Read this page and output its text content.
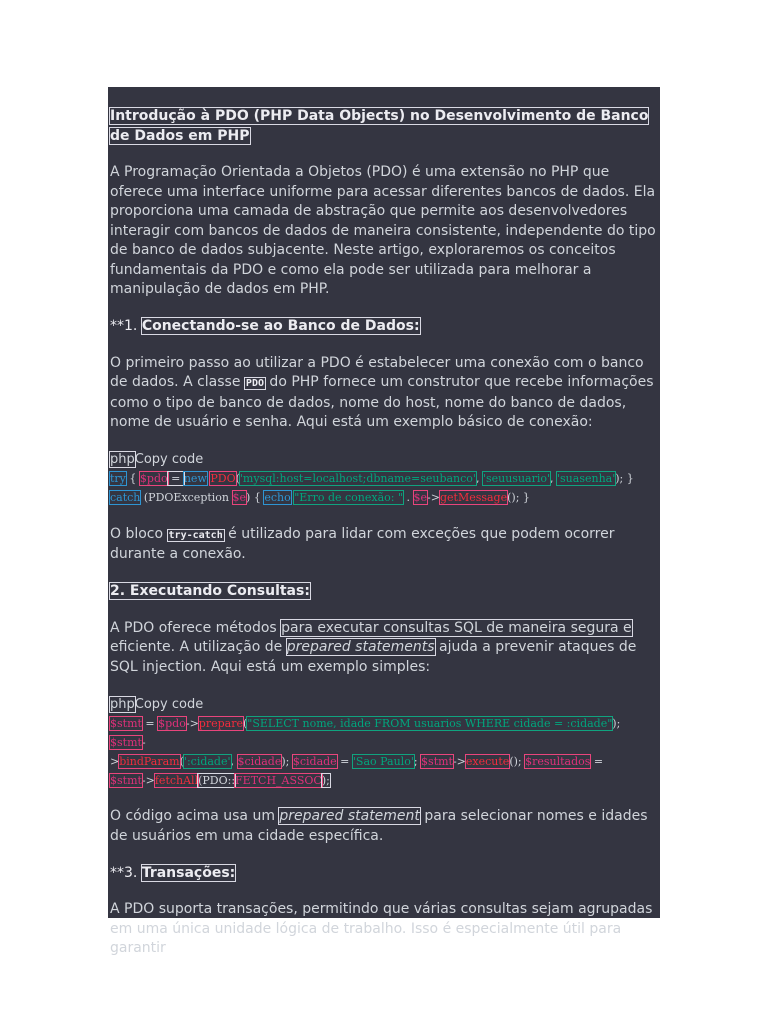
Introdução à PDO (PHP Data Objects) no Desenvolvimento de Banco de Dados em PHP

A Programação Orientada a Objetos (PDO) é uma extensão no PHP que oferece uma interface uniforme para acessar diferentes bancos de dados. Ela proporciona uma camada de abstração que permite aos desenvolvedores interagir com bancos de dados de maneira consistente, independente do tipo de banco de dados subjacente. Neste artigo, exploraremos os conceitos fundamentais da PDO e como ela pode ser utilizada para melhorar a manipulação de dados em PHP.

**1. Conectando-se ao Banco de Dados:

O primeiro passo ao utilizar a PDO é estabelecer uma conexão com o banco de dados. A classe PDO do PHP fornece um construtor que recebe informações como o tipo de banco de dados, nome do host, nome do banco de dados, nome de usuário e senha. Aqui está um exemplo básico de conexão:

phpCopy code
try { $pdo = new PDO('mysql:host=localhost;dbname=seubanco', 'seuusuario', 'suasenha'); }
catch (PDOException $e) { echo "Erro de conexão: " . $e->getMessage(); }

O bloco try-catch é utilizado para lidar com exceções que podem ocorrer durante a conexão.

2. Executando Consultas:

A PDO oferece métodos para executar consultas SQL de maneira segura e eficiente. A utilização de prepared statements ajuda a prevenir ataques de SQL injection. Aqui está um exemplo simples:

phpCopy code
$stmt = $pdo->prepare("SELECT nome, idade FROM usuarios WHERE cidade = :cidade"); $stmt-
>bindParam(':cidade', $cidade); $cidade = 'Sao Paulo'; $stmt->execute(); $resultados =
$stmt->fetchAll(PDO::FETCH_ASSOC);

O código acima usa um prepared statement para selecionar nomes e idades de usuários em uma cidade específica.

**3. Transações:

A PDO suporta transações, permitindo que várias consultas sejam agrupadas em uma única unidade lógica de trabalho. Isso é especialmente útil para garantir
